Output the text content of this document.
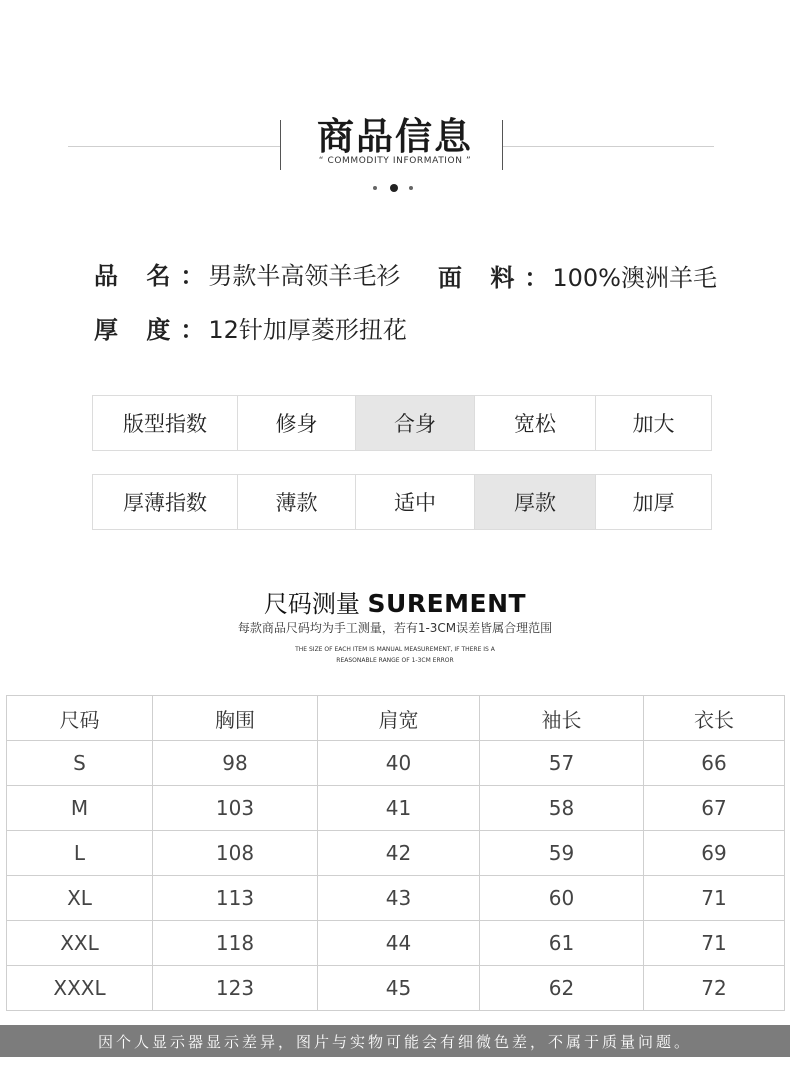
商品信息
“ COMMODITY INFORMATION ”
品 名： 男款半高领羊毛衫 面 料： 100%澳洲羊毛
厚 度： 12针加厚菱形扭花
版型指数	修身	合身	宽松	加大
厚薄指数	薄款	适中	厚款	加厚
尺码测量 SUREMENT
每款商品尺码均为手工测量，若有1-3CM误差皆属合理范围
THE SIZE OF EACH ITEM IS MANUAL MEASUREMENT, IF THERE IS A
REASONABLE RANGE OF 1-3CM ERROR
尺码	胸围	肩宽	袖长	衣长
S	98	40	57	66
M	103	41	58	67
L	108	42	59	69
XL	113	43	60	71
XXL	118	44	61	71
XXXL	123	45	62	72
因个人显示器显示差异，图片与实物可能会有细微色差，不属于质量问题。
